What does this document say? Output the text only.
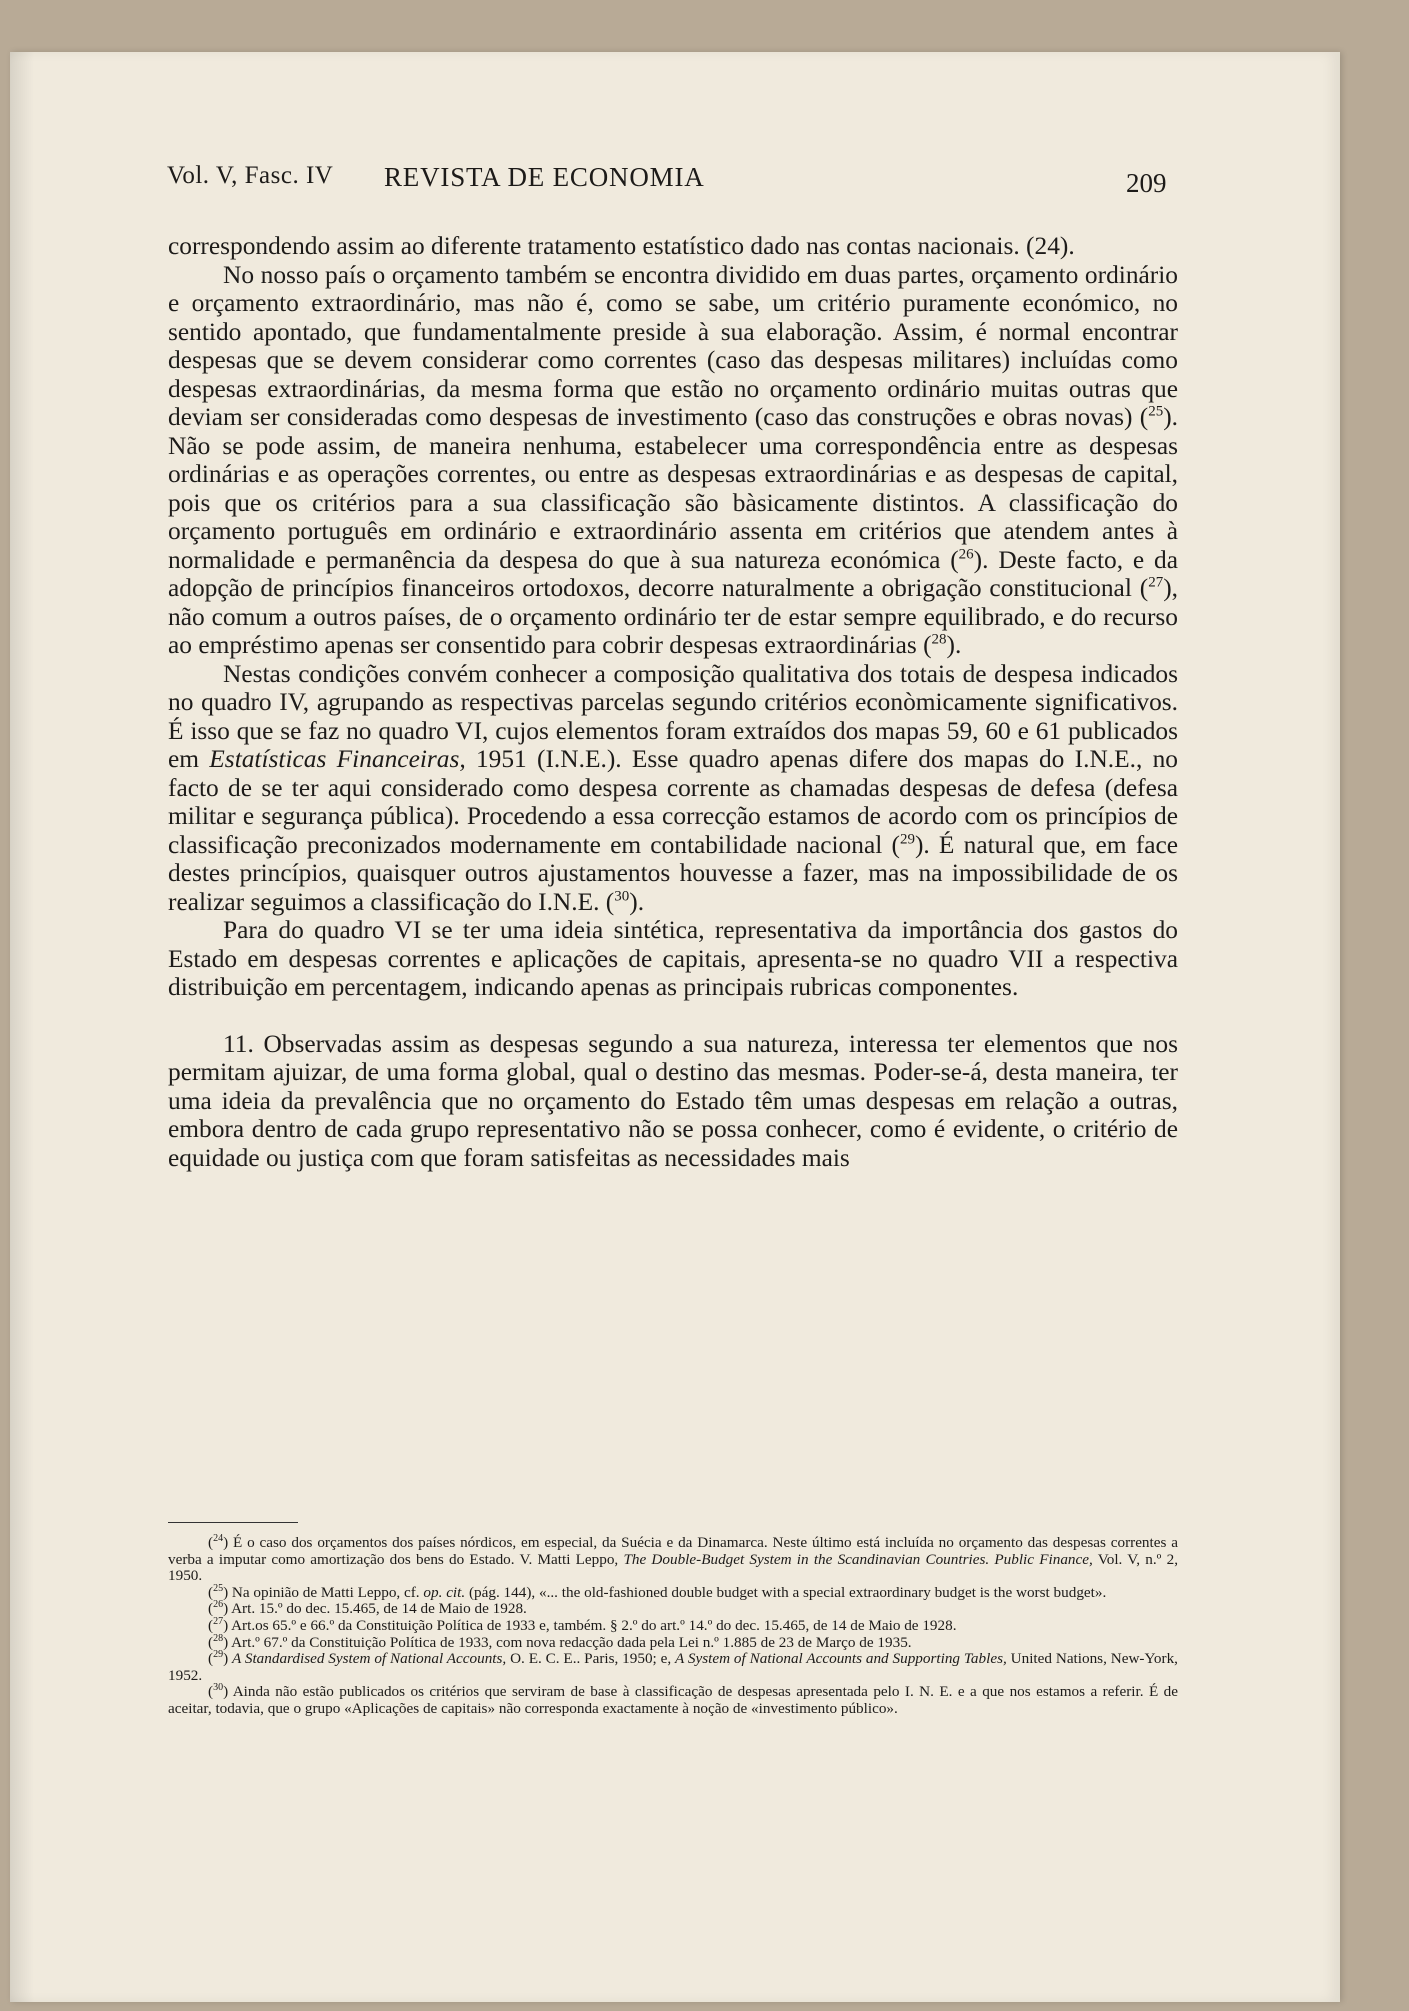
Vol. V, Fasc. IV REVISTA DE ECONOMIA	209

correspondendo assim ao diferente tratamento estatístico dado nas contas nacionais. (24).

No nosso país o orçamento também se encontra dividido em duas partes, orçamento ordinário e orçamento extraordinário, mas não é, como se sabe, um critério puramente económico, no sentido apontado, que fundamentalmente preside à sua elaboração. Assim, é normal encontrar despesas que se devem considerar como correntes (caso das despesas militares) incluídas como despesas extraordinárias, da mesma forma que estão no orçamento ordinário muitas outras que deviam ser consideradas como despesas de investimento (caso das construções e obras novas) ($^{25}$). Não se pode assim, de maneira nenhuma, estabelecer uma correspondência entre as despesas ordinárias e as operações correntes, ou entre as despesas extraordinárias e as despesas de capital, pois que os critérios para a sua classificação são bàsicamente distintos. A classificação do orçamento português em ordinário e extraordinário assenta em critérios que atendem antes à normalidade e permanência da despesa do que à sua natureza económica ($^{26}$). Deste facto, e da adopção de princípios financeiros ortodoxos, decorre naturalmente a obrigação constitucional ($^{27}$), não comum a outros países, de o orçamento ordinário ter de estar sempre equilibrado, e do recurso ao empréstimo apenas ser consentido para cobrir despesas extraordinárias ($^{28}$).

Nestas condições convém conhecer a composição qualitativa dos totais de despesa indicados no quadro IV, agrupando as respectivas parcelas segundo critérios econòmicamente significativos. É isso que se faz no quadro VI, cujos elementos foram extraídos dos mapas 59, 60 e 61 publicados em Estatísticas Financeiras, 1951 (I.N.E.). Esse quadro apenas difere dos mapas do I.N.E., no facto de se ter aqui considerado como despesa corrente as chamadas despesas de defesa (defesa militar e segurança pública). Procedendo a essa correcção estamos de acordo com os princípios de classificação preconizados modernamente em contabilidade nacional ($^{29}$). É natural que, em face destes princípios, quaisquer outros ajustamentos houvesse a fazer, mas na impossibilidade de os realizar seguimos a classificação do I.N.E. ($^{30}$).

Para do quadro VI se ter uma ideia sintética, representativa da importância dos gastos do Estado em despesas correntes e aplicações de capitais, apresenta-se no quadro VII a respectiva distribuição em percentagem, indicando apenas as principais rubricas componentes.

11. Observadas assim as despesas segundo a sua natureza, interessa ter elementos que nos permitam ajuizar, de uma forma global, qual o destino das mesmas. Poder-se-á, desta maneira, ter uma ideia da prevalência que no orçamento do Estado têm umas despesas em relação a outras, embora dentro de cada grupo representativo não se possa conhecer, como é evidente, o critério de equidade ou justiça com que foram satisfeitas as necessidades mais

($^{24}$) É o caso dos orçamentos dos países nórdicos, em especial, da Suécia e da Dinamarca. Neste último está incluída no orçamento das despesas correntes a verba a imputar como amortização dos bens do Estado. V. Matti Leppo, The Double-Budget System in the Scandinavian Countries. Public Finance, Vol. V, n.º 2, 1950.

($^{25}$) Na opinião de Matti Leppo, cf. op. cit. (pág. 144), «... the old-fashioned double budget with a special extraordinary budget is the worst budget».

($^{26}$) Art. 15.º do dec. 15.465, de 14 de Maio de 1928.

($^{27}$) Art.os 65.º e 66.º da Constituição Política de 1933 e, também. § 2.º do art.º 14.º do dec. 15.465, de 14 de Maio de 1928.

($^{28}$) Art.º 67.º da Constituição Política de 1933, com nova redacção dada pela Lei n.º 1.885 de 23 de Março de 1935.

($^{29}$) A Standardised System of National Accounts, O. E. C. E.. Paris, 1950; e, A System of National Accounts and Supporting Tables, United Nations, New-York, 1952.

($^{30}$) Ainda não estão publicados os critérios que serviram de base à classificação de despesas apresentada pelo I. N. E. e a que nos estamos a referir. É de aceitar, todavia, que o grupo «Aplicações de capitais» não corresponda exactamente à noção de «investimento público».
